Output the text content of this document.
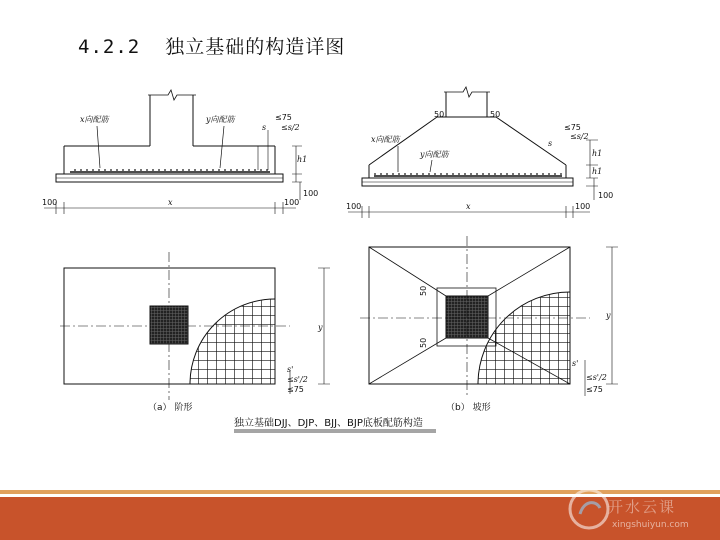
4.2.2 独立基础的构造详图
x向配筋	y向配筋	≤75
≤s/2
s
h1
100
100	x	100
50	50
x向配筋
y向配筋
≤75
≤s/2
s
h1
h1
100
100	x	100
y
s'
≤s'/2
≤75
50
50
y
s'
≤s'/2
≤75
（a） 阶形	（b） 坡形
独立基础DJJ、DJP、BJJ、BJP底板配筋构造
开水云课
xingshuiyun.com
